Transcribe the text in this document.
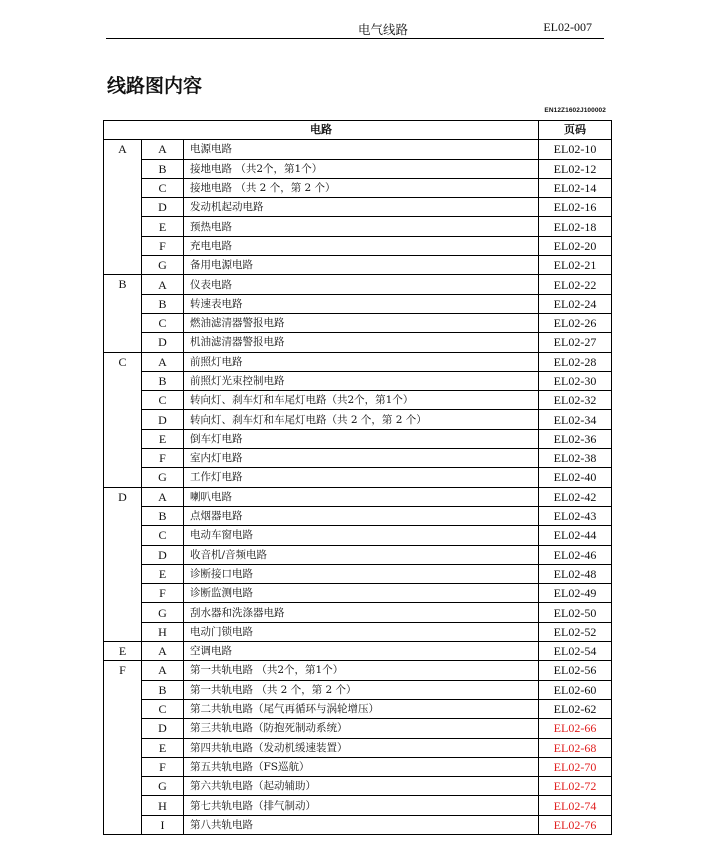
电气线路	EL02-007
线路图内容
EN12Z1602J100002
电路			页码
A	A	电源电路	EL02-10
	B	接地电路 （共2个，第1个）	EL02-12
	C	接地电路 （共 2 个，第 2 个）	EL02-14
	D	发动机起动电路	EL02-16
	E	预热电路	EL02-18
	F	充电电路	EL02-20
	G	备用电源电路	EL02-21
B	A	仪表电路	EL02-22
	B	转速表电路	EL02-24
	C	燃油滤清器警报电路	EL02-26
	D	机油滤清器警报电路	EL02-27
C	A	前照灯电路	EL02-28
	B	前照灯光束控制电路	EL02-30
	C	转向灯、刹车灯和车尾灯电路（共2个，第1个）	EL02-32
	D	转向灯、刹车灯和车尾灯电路（共 2 个，第 2 个）	EL02-34
	E	倒车灯电路	EL02-36
	F	室内灯电路	EL02-38
	G	工作灯电路	EL02-40
D	A	喇叭电路	EL02-42
	B	点烟器电路	EL02-43
	C	电动车窗电路	EL02-44
	D	收音机/音频电路	EL02-46
	E	诊断接口电路	EL02-48
	F	诊断监测电路	EL02-49
	G	刮水器和洗涤器电路	EL02-50
	H	电动门锁电路	EL02-52
E	A	空调电路	EL02-54
F	A	第一共轨电路 （共2个，第1个）	EL02-56
	B	第一共轨电路 （共 2 个，第 2 个）	EL02-60
	C	第二共轨电路（尾气再循环与涡轮增压）	EL02-62
	D	第三共轨电路（防抱死制动系统）	EL02-66
	E	第四共轨电路（发动机缓速装置）	EL02-68
	F	第五共轨电路（FS巡航）	EL02-70
	G	第六共轨电路（起动辅助）	EL02-72
	H	第七共轨电路（排气制动）	EL02-74
	I	第八共轨电路	EL02-76
